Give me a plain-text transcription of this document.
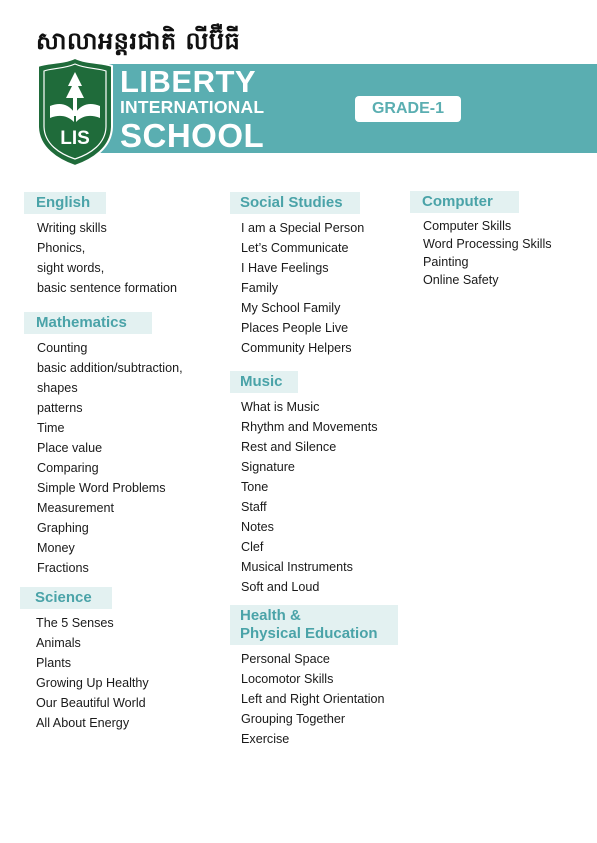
សាលាអន្តរជាតិ លីប៊ឺធី
LIS
LIBERTY
INTERNATIONAL
SCHOOL
GRADE-1
English
Writing skills
Phonics,
sight words,
basic sentence formation
Mathematics
Counting
basic addition/subtraction,
shapes
patterns
Time
Place value
Comparing
Simple Word Problems
Measurement
Graphing
Money
Fractions
Science
The 5 Senses
Animals
Plants
Growing Up Healthy
Our Beautiful World
All About Energy
Social Studies
I am a Special Person
Let’s Communicate
I Have Feelings
Family
My School Family
Places People Live
Community Helpers
Music
What is Music
Rhythm and Movements
Rest and Silence
Signature
Tone
Staff
Notes
Clef
Musical Instruments
Soft and Loud
Health &
Physical Education
Personal Space
Locomotor Skills
Left and Right Orientation
Grouping Together
Exercise
Computer
Computer Skills
Word Processing Skills
Painting
Online Safety
